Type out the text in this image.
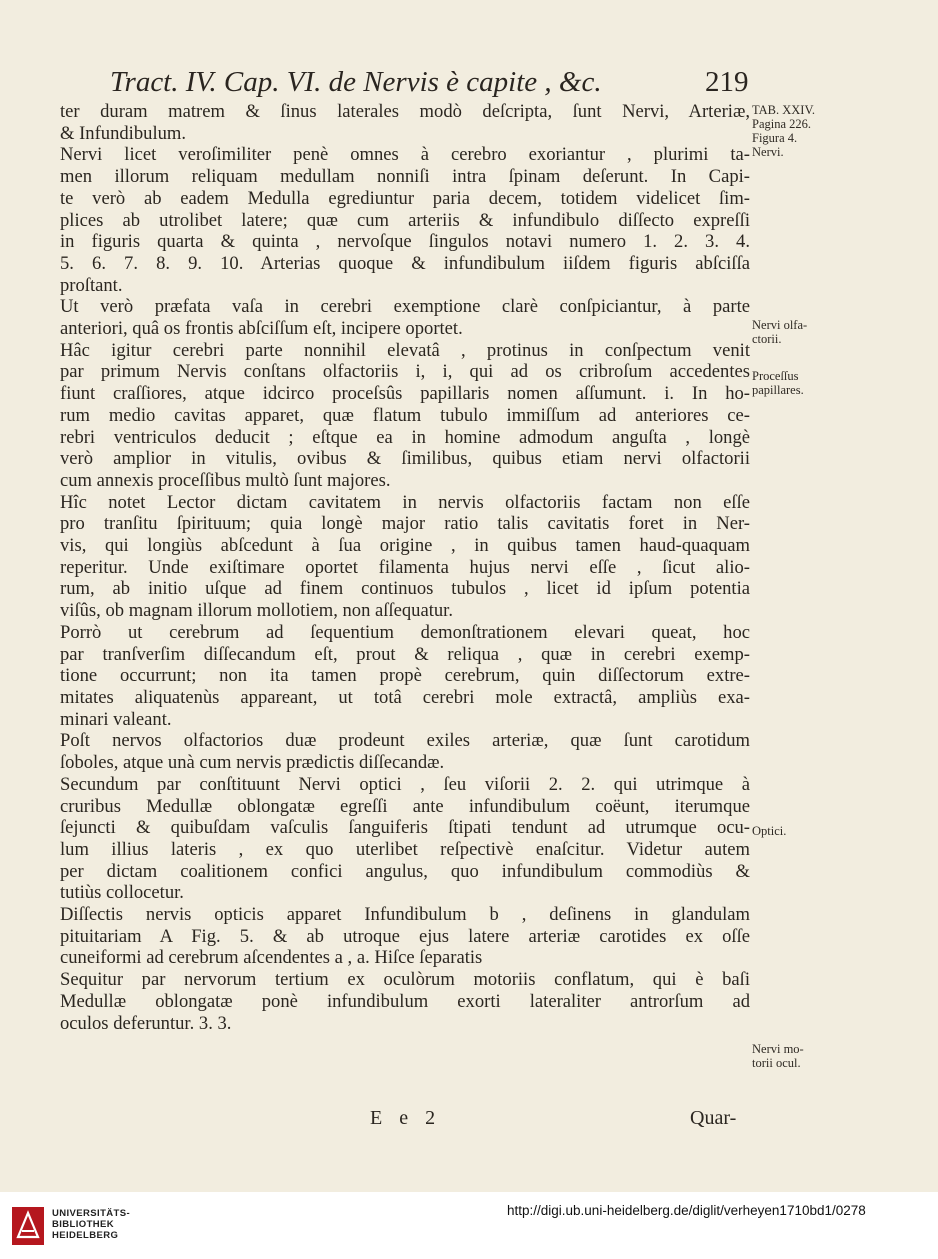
Tract. IV. Cap. VI. de Nervis è capite , &c.	219

ter duram matrem & ſinus laterales modò deſcripta, ſunt Nervi, Arteriæ,
& Infundibulum.

Nervi licet veroſimiliter penè omnes à cerebro exoriantur , plurimi ta-
men illorum reliquam medullam nonniſi intra ſpinam deſerunt. In Capi-
te verò ab eadem Medulla egrediuntur paria decem, totidem videlicet ſim-
plices ab utrolibet latere; quæ cum arteriis & infundibulo diſſecto expreſſi
in figuris quarta & quinta , nervoſque ſingulos notavi numero 1. 2. 3. 4.
5. 6. 7. 8. 9. 10. Arterias quoque & infundibulum iiſdem figuris abſciſſa
proſtant.

Ut verò præfata vaſa in cerebri exemptione clarè conſpiciantur, à parte
anteriori, quâ os frontis abſciſſum eſt, incipere oportet.

Hâc igitur cerebri parte nonnihil elevatâ , protinus in conſpectum venit
par primum Nervis conſtans olfactoriis i, i, qui ad os cribroſum accedentes
fiunt craſſiores, atque idcirco proceſsûs papillaris nomen aſſumunt. i. In ho-
rum medio cavitas apparet, quæ flatum tubulo immiſſum ad anteriores ce-
rebri ventriculos deducit ; eſtque ea in homine admodum anguſta , longè
verò amplior in vitulis, ovibus & ſimilibus, quibus etiam nervi olfactorii
cum annexis proceſſibus multò ſunt majores.

Hîc notet Lector dictam cavitatem in nervis olfactoriis factam non eſſe
pro tranſitu ſpirituum; quia longè major ratio talis cavitatis foret in Ner-
vis, qui longiùs abſcedunt à ſua origine , in quibus tamen haud-quaquam
reperitur. Unde exiſtimare oportet filamenta hujus nervi eſſe , ſicut alio-
rum, ab initio uſque ad finem continuos tubulos , licet id ipſum potentia
viſûs, ob magnam illorum mollotiem, non aſſequatur.

Porrò ut cerebrum ad ſequentium demonſtrationem elevari queat, hoc
par tranſverſim diſſecandum eſt, prout & reliqua , quæ in cerebri exemp-
tione occurrunt; non ita tamen propè cerebrum, quin diſſectorum extre-
mitates aliquatenùs appareant, ut totâ cerebri mole extractâ, ampliùs exa-
minari valeant.

Poſt nervos olfactorios duæ prodeunt exiles arteriæ, quæ ſunt carotidum
ſoboles, atque unà cum nervis prædictis diſſecandæ.

Secundum par conſtituunt Nervi optici , ſeu viſorii 2. 2. qui utrimque à
cruribus Medullæ oblongatæ egreſſi ante infundibulum coëunt, iterumque
ſejuncti & quibuſdam vaſculis ſanguiferis ſtipati tendunt ad utrumque ocu-
lum illius lateris , ex quo uterlibet reſpectivè enaſcitur. Videtur autem
per dictam coalitionem confici angulus, quo infundibulum commodiùs &
tutiùs collocetur.

Diſſectis nervis opticis apparet Infundibulum b , deſinens in glandulam
pituitariam A Fig. 5. & ab utroque ejus latere arteriæ carotides ex oſſe
cuneiformi ad cerebrum aſcendentes a , a. Hiſce ſeparatis

Sequitur par nervorum tertium ex oculòrum motoriis conflatum, qui è baſi
Medullæ oblongatæ ponè infundibulum exorti lateraliter antrorſum ad
oculos deferuntur. 3. 3.

TAB. XXIV.
Pagina 226.
Figura 4.
Nervi.
Nervi olfa-
ctorii.
Proceſſus
papillares.
Optici.
Nervi mo-
torii ocul.
E e 2	Quar-
UNIVERSITÄTS-
BIBLIOTHEK
HEIDELBERG
http://digi.ub.uni-heidelberg.de/diglit/verheyen1710bd1/0278
